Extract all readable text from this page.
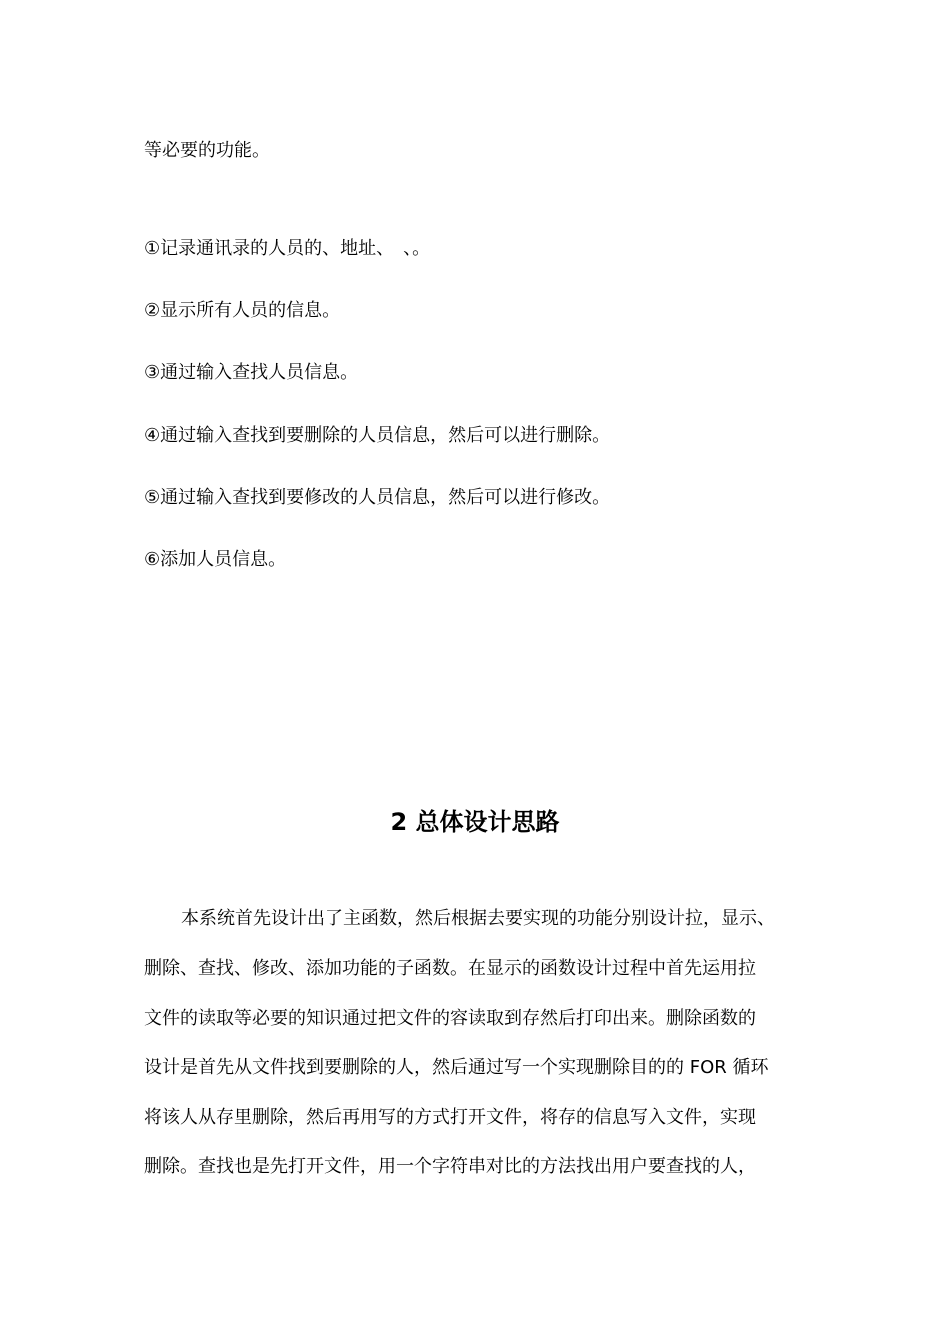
等必要的功能。

①记录通讯录的人员的、地址、　、。

②显示所有人员的信息。

③通过输入查找人员信息。

④通过输入查找到要删除的人员信息，然后可以进行删除。

⑤通过输入查找到要修改的人员信息，然后可以进行修改。

⑥添加人员信息。

2 总体设计思路

本系统首先设计出了主函数，然后根据去要实现的功能分别设计拉，显示、

删除、查找、修改、添加功能的子函数。在显示的函数设计过程中首先运用拉

文件的读取等必要的知识通过把文件的容读取到存然后打印出来。删除函数的

设计是首先从文件找到要删除的人，然后通过写一个实现删除目的的 FOR 循环

将该人从存里删除，然后再用写的方式打开文件，将存的信息写入文件，实现

删除。查找也是先打开文件，用一个字符串对比的方法找出用户要查找的人，
